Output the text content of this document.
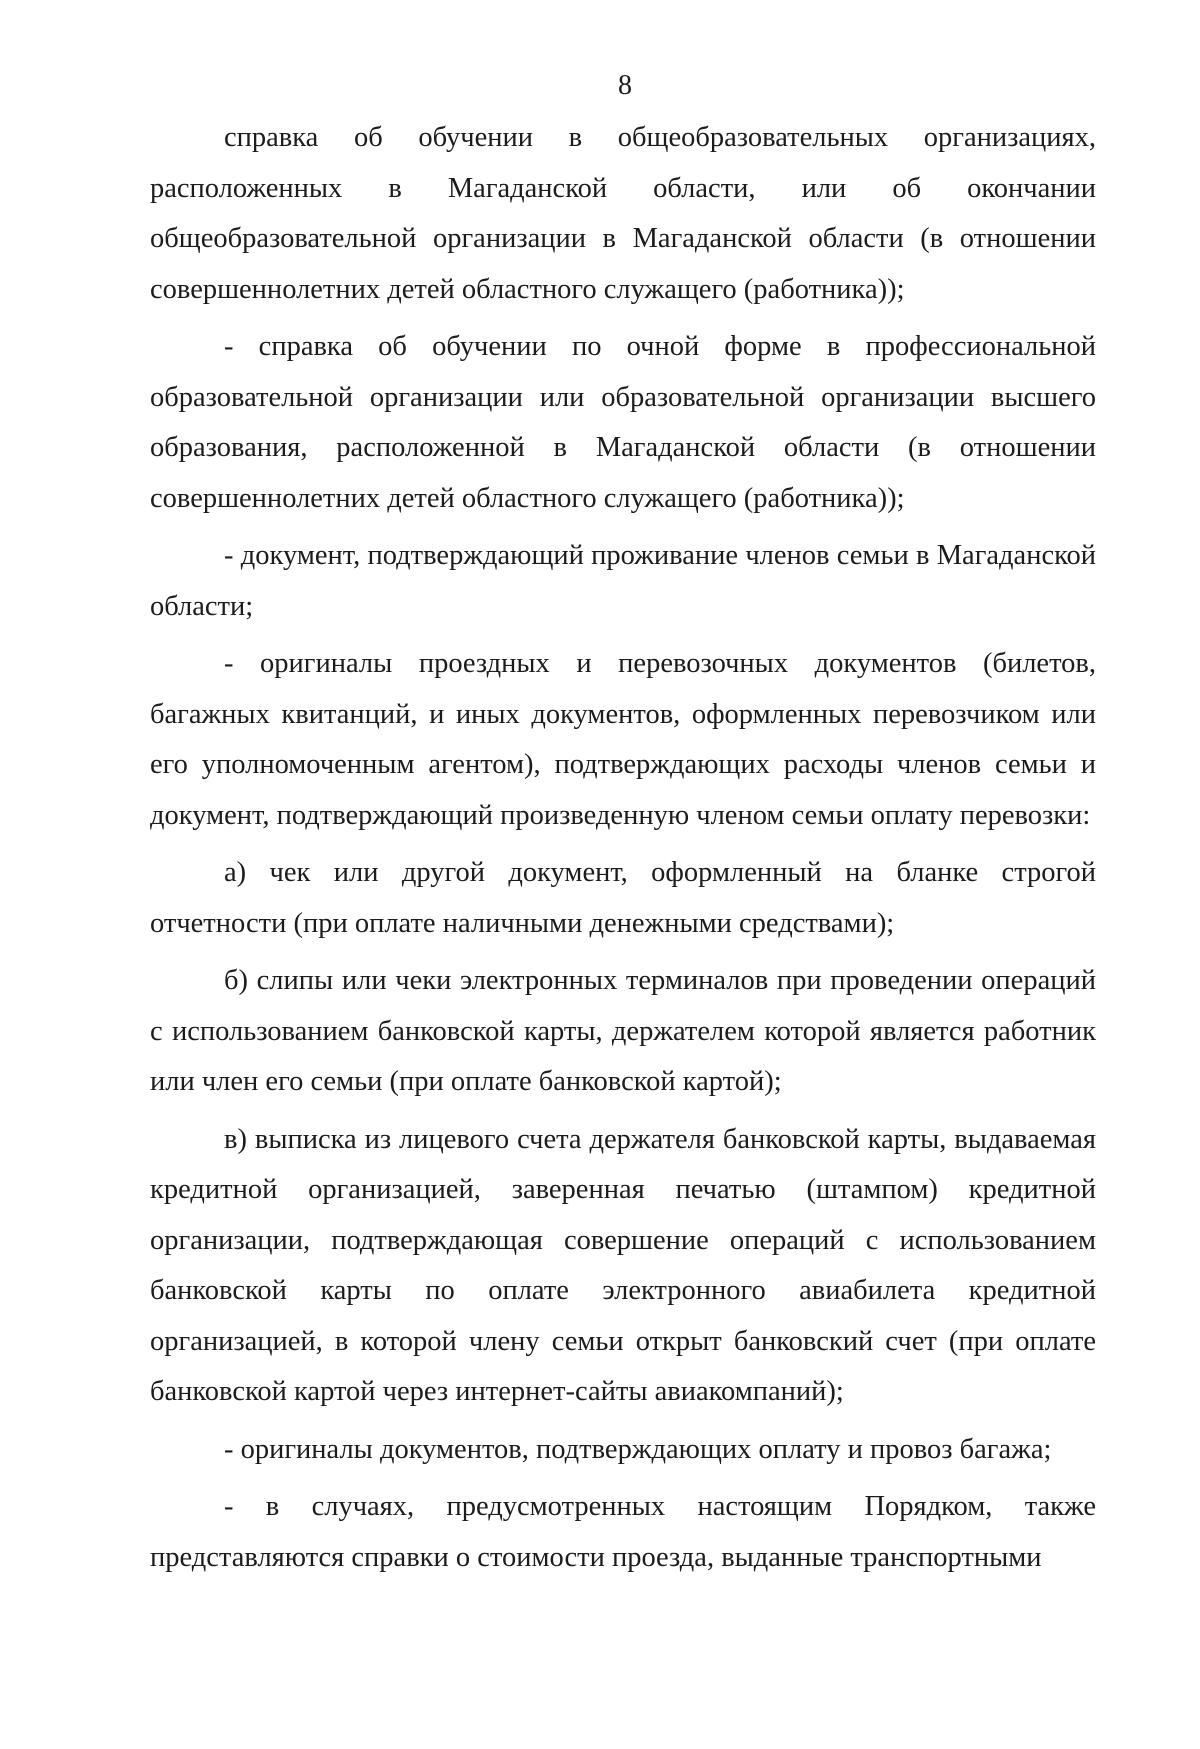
8

справка об обучении в общеобразовательных организациях, расположенных в Магаданской области, или об окончании общеобразовательной организации в Магаданской области (в отношении совершеннолетних детей областного служащего (работника));

- справка об обучении по очной форме в профессиональной образовательной организации или образовательной организации высшего образования, расположенной в Магаданской области (в отношении совершеннолетних детей областного служащего (работника));

- документ, подтверждающий проживание членов семьи в Магаданской области;

- оригиналы проездных и перевозочных документов (билетов, багажных квитанций, и иных документов, оформленных перевозчиком или его уполномоченным агентом), подтверждающих расходы членов семьи и документ, подтверждающий произведенную членом семьи оплату перевозки:

а) чек или другой документ, оформленный на бланке строгой отчетности (при оплате наличными денежными средствами);

б) слипы или чеки электронных терминалов при проведении операций с использованием банковской карты, держателем которой является работник или член его семьи (при оплате банковской картой);

в) выписка из лицевого счета держателя банковской карты, выдаваемая кредитной организацией, заверенная печатью (штампом) кредитной организации, подтверждающая совершение операций с использованием банковской карты по оплате электронного авиабилета кредитной организацией, в которой члену семьи открыт банковский счет (при оплате банковской картой через интернет-сайты авиакомпаний);

- оригиналы документов, подтверждающих оплату и провоз багажа;

- в случаях, предусмотренных настоящим Порядком, также представляются справки о стоимости проезда, выданные транспортными
